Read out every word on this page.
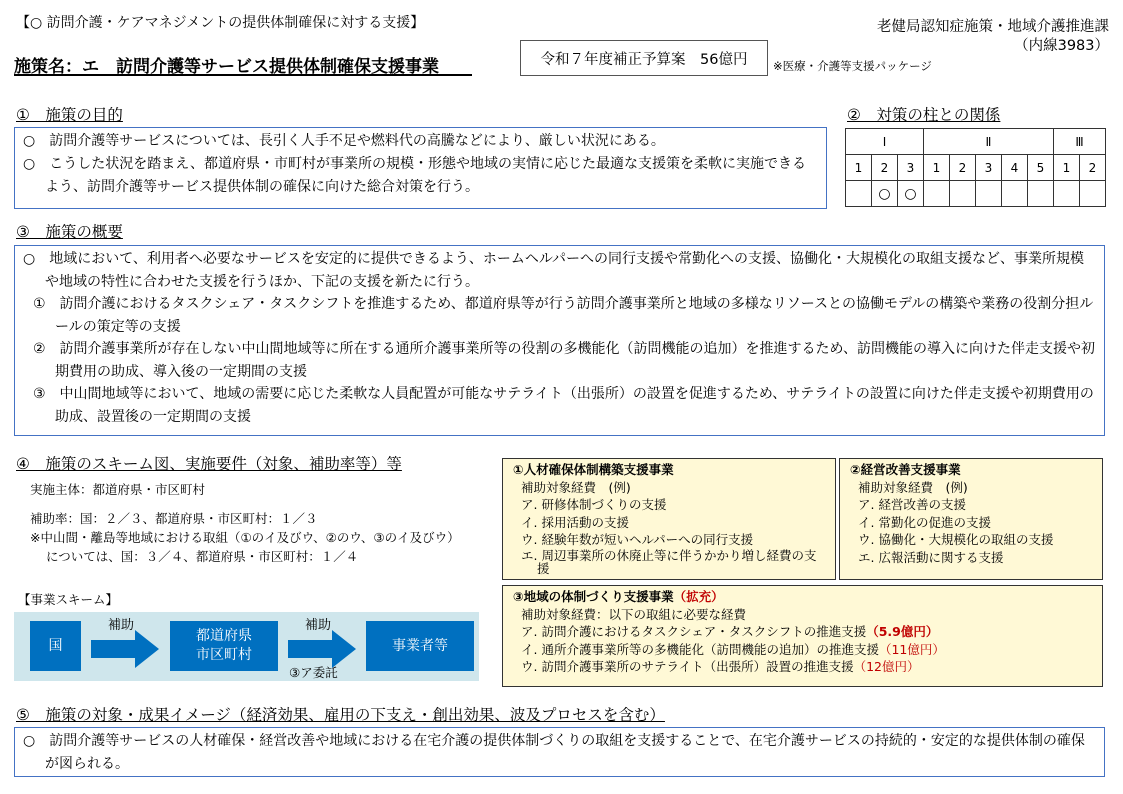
【○ 訪問介護・ケアマネジメントの提供体制確保に対する支援】	老健局認知症施策・地域介護推進課
（内線3983）
施策名：エ　訪問介護等サービス提供体制確保支援事業	令和７年度補正予算案　56億円 ※医療・介護等支援パッケージ
①　施策の目的
○　訪問介護等サービスについては、長引く人手不足や燃料代の高騰などにより、厳しい状況にある。
○　こうした状況を踏まえ、都道府県・市町村が事業所の規模・形態や地域の実情に応じた最適な支援策を柔軟に実施できるよう、訪問介護等サービス提供体制の確保に向けた総合対策を行う。
②　対策の柱との関係
Ⅰ			Ⅱ					Ⅲ	
1	2	3	1	2	3	4	5	1	2
	○	○							
③　施策の概要
○　地域において、利用者へ必要なサービスを安定的に提供できるよう、ホームヘルパーへの同行支援や常勤化への支援、協働化・大規模化の取組支援など、事業所規模や地域の特性に合わせた支援を行うほか、下記の支援を新たに行う。
①　訪問介護におけるタスクシェア・タスクシフトを推進するため、都道府県等が行う訪問介護事業所と地域の多様なリソースとの協働モデルの構築や業務の役割分担ルールの策定等の支援
②　訪問介護事業所が存在しない中山間地域等に所在する通所介護事業所等の役割の多機能化（訪問機能の追加）を推進するため、訪問機能の導入に向けた伴走支援や初期費用の助成、導入後の一定期間の支援
③　中山間地域等において、地域の需要に応じた柔軟な人員配置が可能なサテライト（出張所）の設置を促進するため、サテライトの設置に向けた伴走支援や初期費用の助成、設置後の一定期間の支援
④　施策のスキーム図、実施要件（対象、補助率等）等
実施主体：都道府県・市区町村
補助率：国：２／３、都道府県・市区町村：１／３
※中山間・離島等地域における取組（①のイ及びウ、②のウ、③のイ及びウ）
については、国：３／４、都道府県・市区町村：１／４
【事業スキーム】
国
補助
都道府県
市区町村
補助
③ア委託
事業者等
①人材確保体制構築支援事業
補助対象経費　(例)
ア. 研修体制づくりの支援
イ. 採用活動の支援
ウ. 経験年数が短いヘルパーへの同行支援
エ. 周辺事業所の休廃止等に伴うかかり増し経費の支援
②経営改善支援事業
補助対象経費　(例)
ア. 経営改善の支援
イ. 常勤化の促進の支援
ウ. 協働化・大規模化の取組の支援
エ. 広報活動に関する支援
③地域の体制づくり支援事業（拡充）
補助対象経費：以下の取組に必要な経費
ア. 訪問介護におけるタスクシェア・タスクシフトの推進支援（5.9億円）
イ. 通所介護事業所等の多機能化（訪問機能の追加）の推進支援（11億円）
ウ. 訪問介護事業所のサテライト（出張所）設置の推進支援（12億円）
⑤　施策の対象・成果イメージ（経済効果、雇用の下支え・創出効果、波及プロセスを含む）
○　訪問介護等サービスの人材確保・経営改善や地域における在宅介護の提供体制づくりの取組を支援することで、在宅介護サービスの持続的・安定的な提供体制の確保が図られる。
